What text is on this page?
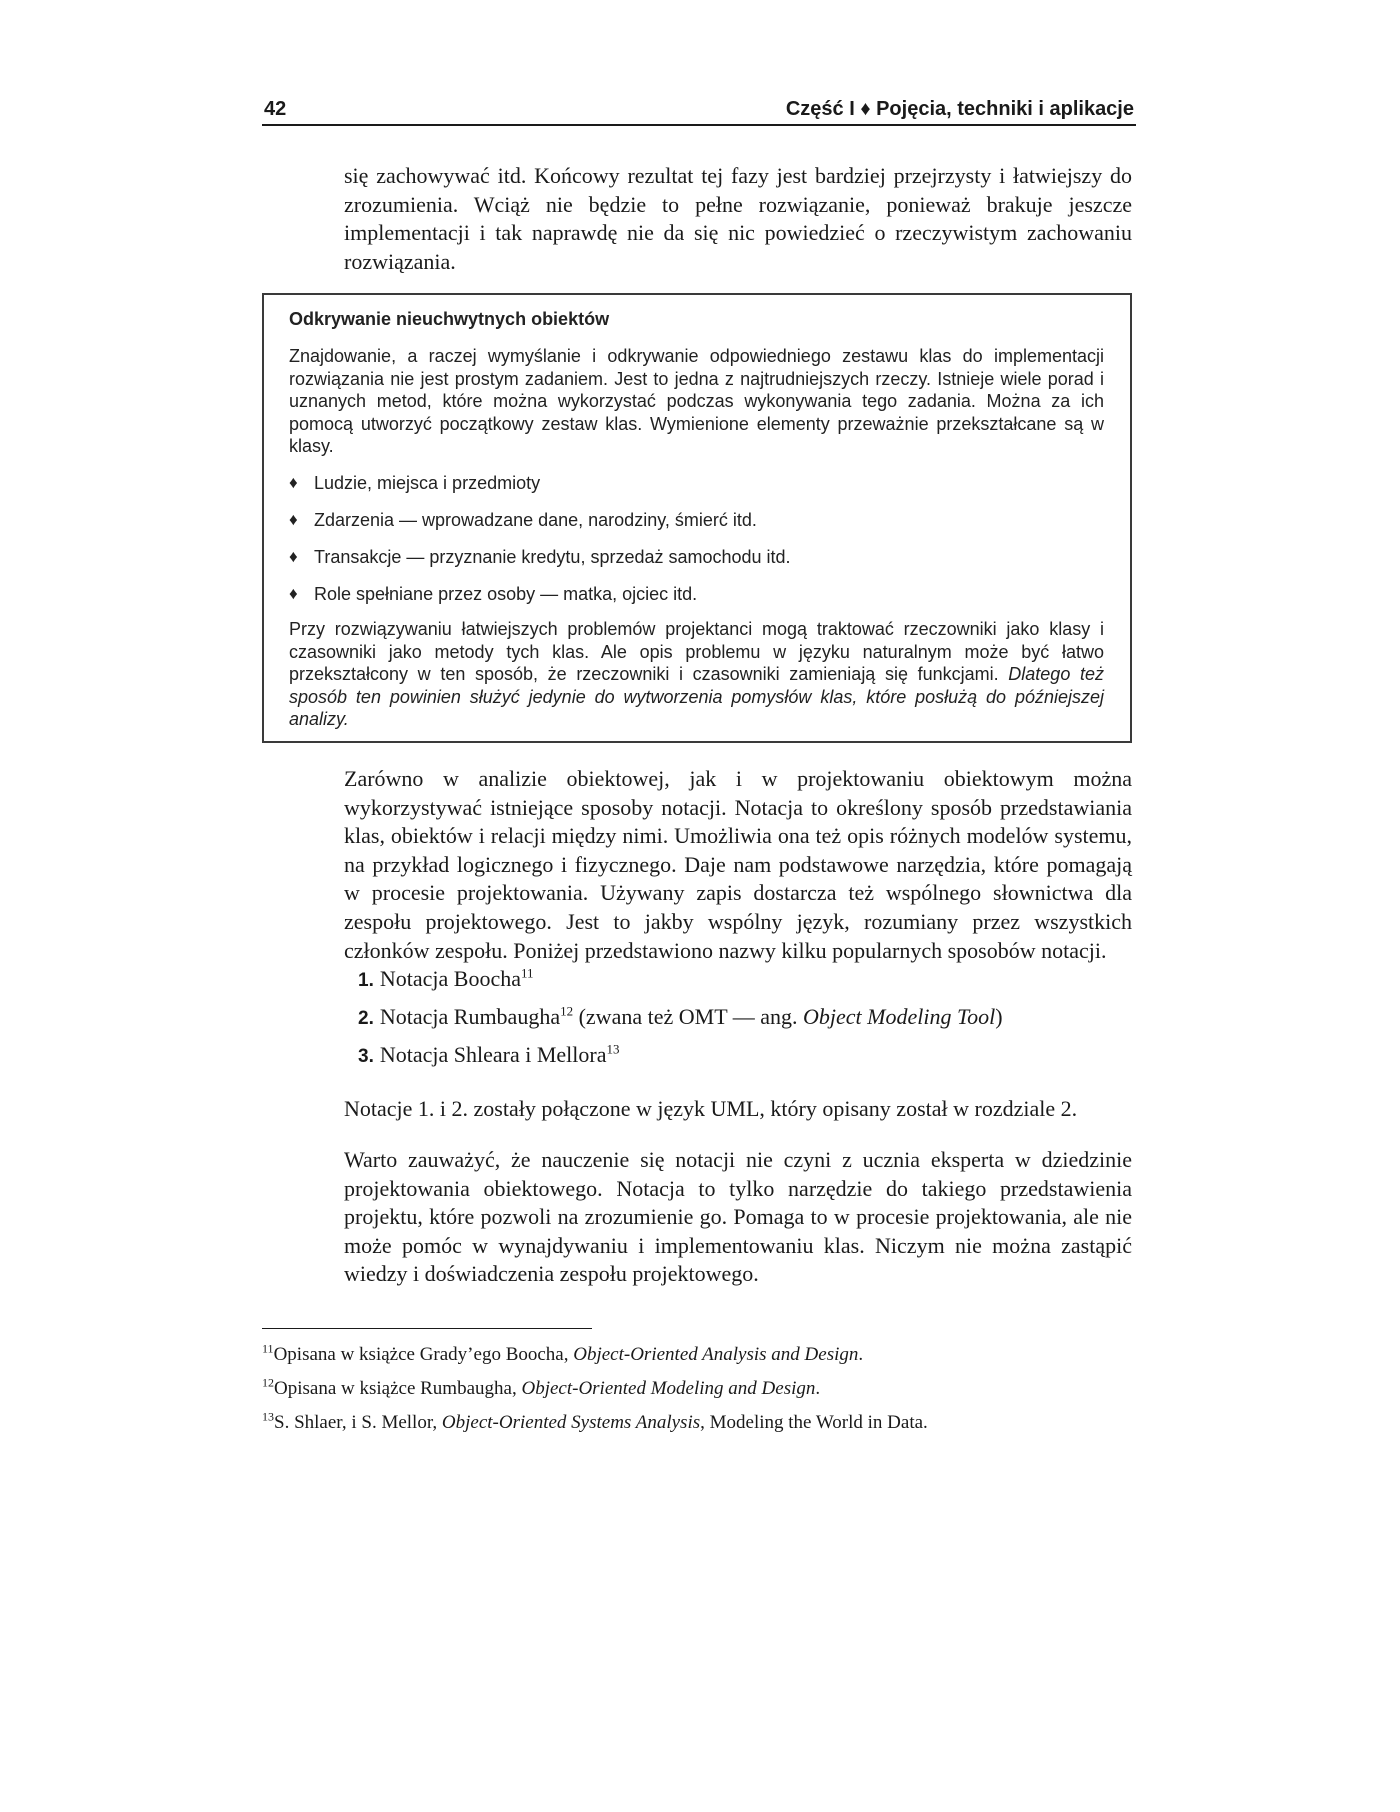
42	Część I ♦ Pojęcia, techniki i aplikacje

się zachowywać itd. Końcowy rezultat tej fazy jest bardziej przejrzysty i łatwiejszy do zrozumienia. Wciąż nie będzie to pełne rozwiązanie, ponieważ brakuje jeszcze implementacji i tak naprawdę nie da się nic powiedzieć o rzeczywistym zachowaniu rozwiązania.

Odkrywanie nieuchwytnych obiektów

Znajdowanie, a raczej wymyślanie i odkrywanie odpowiedniego zestawu klas do implementacji rozwiązania nie jest prostym zadaniem. Jest to jedna z najtrudniejszych rzeczy. Istnieje wiele porad i uznanych metod, które można wykorzystać podczas wykonywania tego zadania. Można za ich pomocą utworzyć początkowy zestaw klas. Wymienione elementy przeważnie przekształcane są w klasy.

♦ Ludzie, miejsca i przedmioty
♦ Zdarzenia — wprowadzane dane, narodziny, śmierć itd.
♦ Transakcje — przyznanie kredytu, sprzedaż samochodu itd.
♦ Role spełniane przez osoby — matka, ojciec itd.

Przy rozwiązywaniu łatwiejszych problemów projektanci mogą traktować rzeczowniki jako klasy i czasowniki jako metody tych klas. Ale opis problemu w języku naturalnym może być łatwo przekształcony w ten sposób, że rzeczowniki i czasowniki zamieniają się funkcjami. Dlatego też sposób ten powinien służyć jedynie do wytworzenia pomysłów klas, które posłużą do późniejszej analizy.

Zarówno w analizie obiektowej, jak i w projektowaniu obiektowym można wykorzystywać istniejące sposoby notacji. Notacja to określony sposób przedstawiania klas, obiektów i relacji między nimi. Umożliwia ona też opis różnych modelów systemu, na przykład logicznego i fizycznego. Daje nam podstawowe narzędzia, które pomagają w procesie projektowania. Używany zapis dostarcza też wspólnego słownictwa dla zespołu projektowego. Jest to jakby wspólny język, rozumiany przez wszystkich członków zespołu. Poniżej przedstawiono nazwy kilku popularnych sposobów notacji.

1. Notacja Boocha$^{11}$
2. Notacja Rumbaugha$^{12}$ (zwana też OMT — ang. Object Modeling Tool)
3. Notacja Shleara i Mellora$^{13}$

Notacje 1. i 2. zostały połączone w język UML, który opisany został w rozdziale 2.

Warto zauważyć, że nauczenie się notacji nie czyni z ucznia eksperta w dziedzinie projektowania obiektowego. Notacja to tylko narzędzie do takiego przedstawienia projektu, które pozwoli na zrozumienie go. Pomaga to w procesie projektowania, ale nie może pomóc w wynajdywaniu i implementowaniu klas. Niczym nie można zastąpić wiedzy i doświadczenia zespołu projektowego.

$^{11}$Opisana w książce Grady’ego Boocha, Object-Oriented Analysis and Design.
$^{12}$Opisana w książce Rumbaugha, Object-Oriented Modeling and Design.
$^{13}$S. Shlaer, i S. Mellor, Object-Oriented Systems Analysis, Modeling the World in Data.
